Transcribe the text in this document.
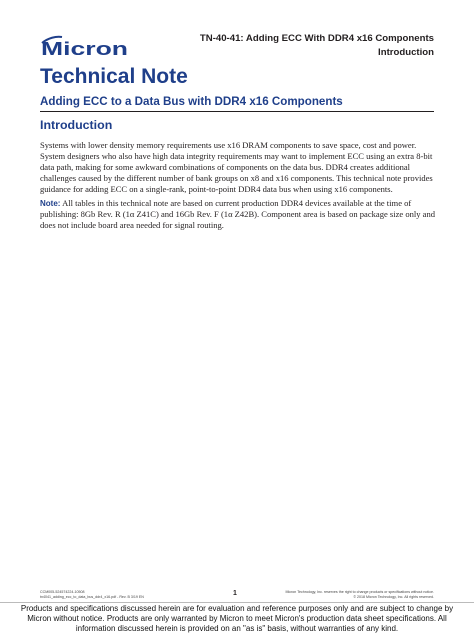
Micron	TN-40-41: Adding ECC With DDR4 x16 Components
Introduction
Technical Note
Adding ECC to a Data Bus with DDR4 x16 Components
Introduction

Systems with lower density memory requirements use x16 DRAM components to save space, cost and power. System designers who also have high data integrity requirements may want to implement ECC using an extra 8-bit data path, making for some awkward combinations of components on the data bus. DDR4 creates additional challenges caused by the different number of bank groups on x8 and x16 components. This technical note provides guidance for adding ECC on a single-rank, point-to-point DDR4 data bus when using x16 components.

Note: All tables in this technical note are based on current production DDR4 devices available at the time of publishing: 8Gb Rev. R (1α Z41C) and 16Gb Rev. F (1α Z42B). Component area is based on package size only and does not include board area needed for signal routing.

CCM005-524574224-10508
tn4041_adding_ecc_to_data_bus_ddr4_x16.pdf - Rev. B 3/19 EN	1	Micron Technology, Inc. reserves the right to change products or specifications without notice.
© 2018 Micron Technology, Inc. All rights reserved.
Products and specifications discussed herein are for evaluation and reference purposes only and are subject to change by Micron without notice. Products are only warranted by Micron to meet Micron's production data sheet specifications. All information discussed herein is provided on an "as is" basis, without warranties of any kind.
